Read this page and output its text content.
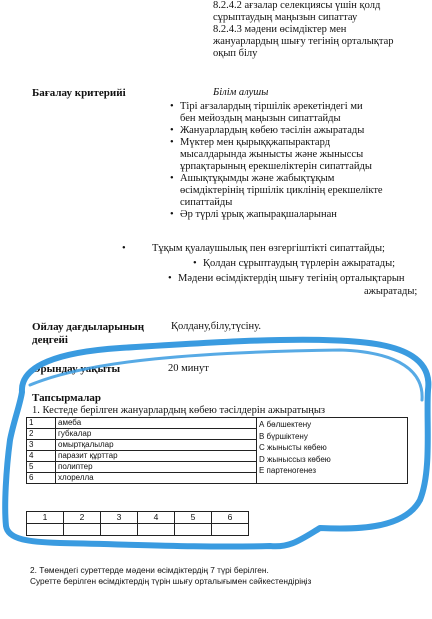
8.2.4.2 ағзалар селекциясы үшін қолд
сұрыптаудың маңызын сипаттау
8.2.4.3 мәдени өсімдіктер мен
жануарлардың шығу тегінің орталықтар
оқып білу
Бағалау критерийі	Білім алушы
• Тірі ағзалардың тіршілік әрекетіндегі ми
бен мейоздың маңызын сипаттайды
• Жануарлардың көбею тәсілін ажыратады
• Мүктер мен қырыққжапырактард
мысалдарында жынысты және жыныссы
ұрпақтарының ерекшеліктерін сипаттайды
• Ашықтұқымды және жабықтұқым
өсімдіктерінің тіршілік циклінің ерекшелікте
сипаттайды
• Әр түрлі ұрық жапырақшаларынан
•	Тұқым қуалаушылық пен өзгергіштікті сипаттайды;
• Қолдан сұрыптаудың түрлерін ажыратады;
• Мәдени өсімдіктердің шығу тегінің орталықтарын
ажыратады;
Ойлау дағдыларының
деңгейі
Қолдану,білу,түсіну.
Орындау уақыты	20 минут
Тапсырмалар
1. Кестеде берілген жануарлардың көбею тәсілдерін ажыратыңыз
1	амеба	А бөлшектену
В бүршіктену
С жынысты көбею
D жыныссыз көбею
Е партеногенез

2	губкалар	
3	омыртқалылар	
4	паразит құрттар	
5	полиптер	
6	хлорелла	
1	2	3	4	5	6

2. Төмендегі суреттерде мәдени өсімдіктердің 7 түрі берілген.
Суретте берілген өсімдіктердің түрін шығу орталығымен сәйкестендіріңіз
